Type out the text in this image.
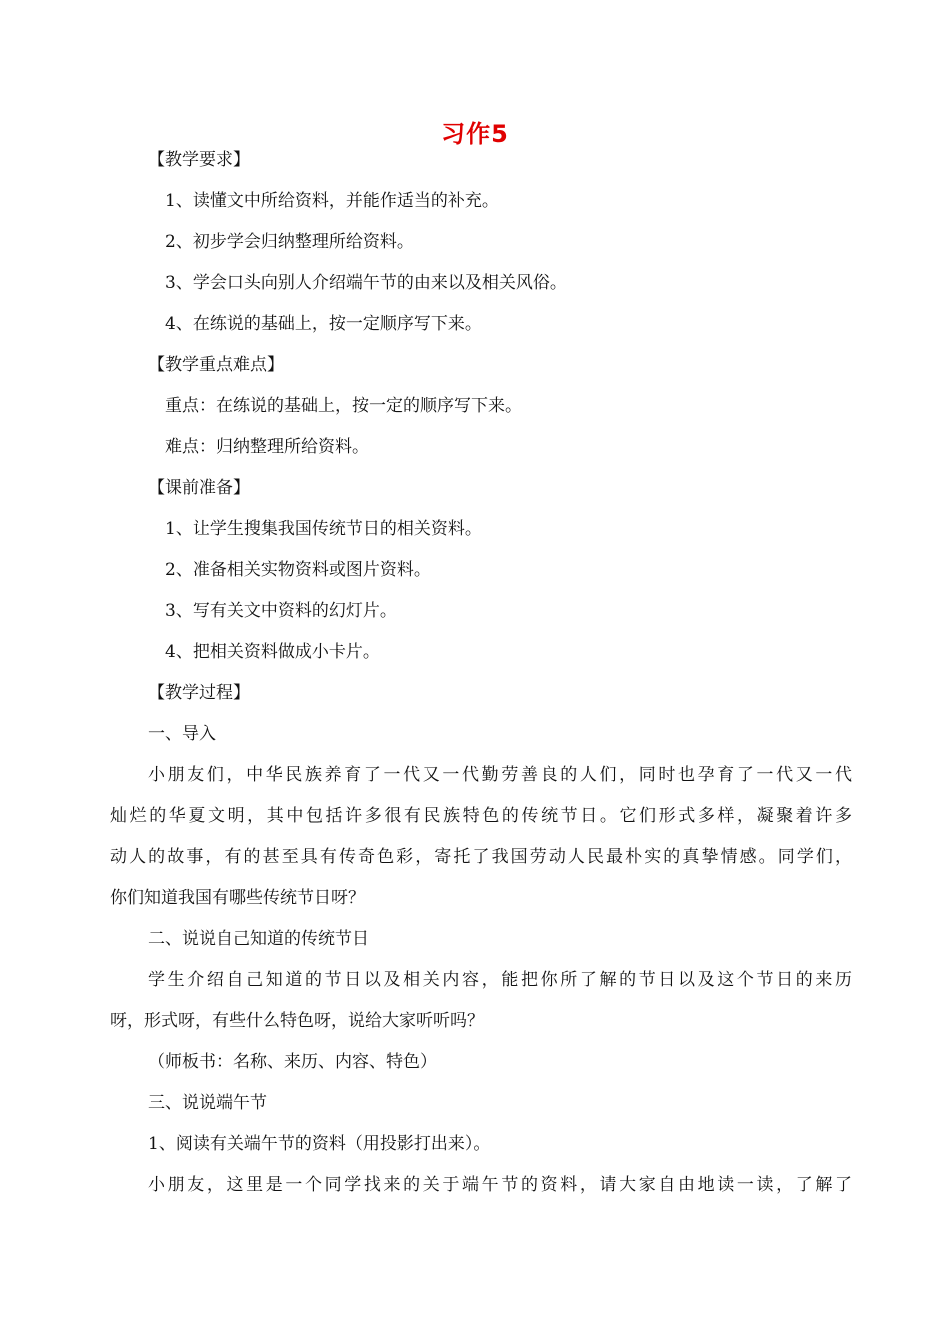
习作5
【教学要求】
1、读懂文中所给资料，并能作适当的补充。
2、初步学会归纳整理所给资料。
3、学会口头向别人介绍端午节的由来以及相关风俗。
4、在练说的基础上，按一定顺序写下来。
【教学重点难点】
重点：在练说的基础上，按一定的顺序写下来。
难点：归纳整理所给资料。
【课前准备】
1、让学生搜集我国传统节日的相关资料。
2、准备相关实物资料或图片资料。
3、写有关文中资料的幻灯片。
4、把相关资料做成小卡片。
【教学过程】
一、导入
小朋友们，中华民族养育了一代又一代勤劳善良的人们，同时也孕育了一代又一代
灿烂的华夏文明，其中包括许多很有民族特色的传统节日。它们形式多样，凝聚着许多
动人的故事，有的甚至具有传奇色彩，寄托了我国劳动人民最朴实的真挚情感。同学们，
你们知道我国有哪些传统节日呀？
二、说说自己知道的传统节日
学生介绍自己知道的节日以及相关内容，能把你所了解的节日以及这个节日的来历
呀，形式呀，有些什么特色呀，说给大家听听吗？
（师板书：名称、来历、内容、特色）
三、说说端午节
1、阅读有关端午节的资料（用投影打出来）。
小朋友，这里是一个同学找来的关于端午节的资料，请大家自由地读一读，了解了
